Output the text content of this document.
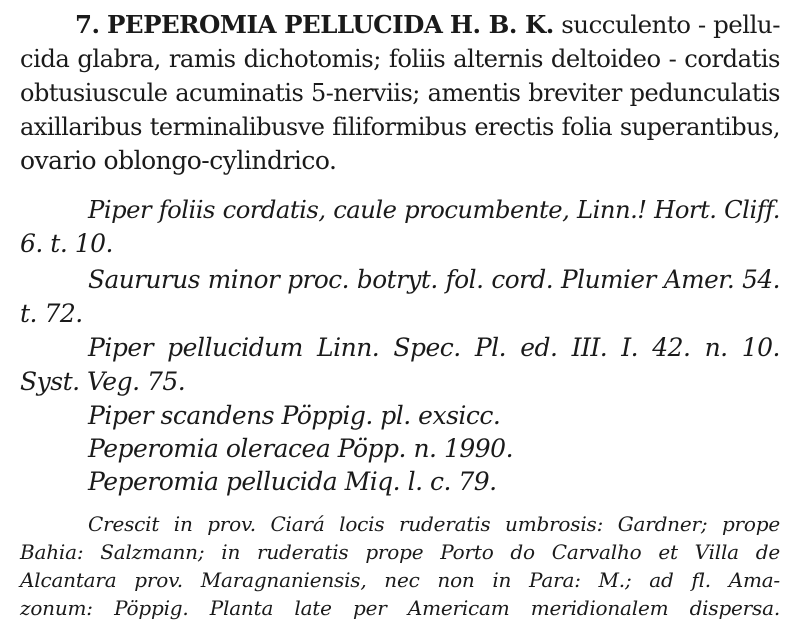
7. PEPEROMIA PELLUCIDA H. B. K. succulento - pellu-
cida glabra, ramis dichotomis; foliis alternis deltoideo - cordatis
obtusiuscule acuminatis 5-nerviis; amentis breviter pedunculatis
axillaribus terminalibusve filiformibus erectis folia superantibus,
ovario oblongo-cylindrico.
Piper foliis cordatis, caule procumbente, Linn.! Hort. Cliff.
6. t. 10.
Saururus minor proc. botryt. fol. cord. Plumier Amer. 54.
t. 72.
Piper pellucidum Linn. Spec. Pl. ed. III. I. 42. n. 10.
Syst. Veg. 75.
Piper scandens Pöppig. pl. exsicc.
Peperomia oleracea Pöpp. n. 1990.
Peperomia pellucida Miq. l. c. 79.
Crescit in prov. Ciará locis ruderatis umbrosis: Gardner; prope
Bahia: Salzmann; in ruderatis prope Porto do Carvalho et Villa de
Alcantara prov. Maragnaniensis, nec non in Para: M.; ad fl. Ama-
zonum: Pöppig. Planta late per Americam meridionalem dispersa.
